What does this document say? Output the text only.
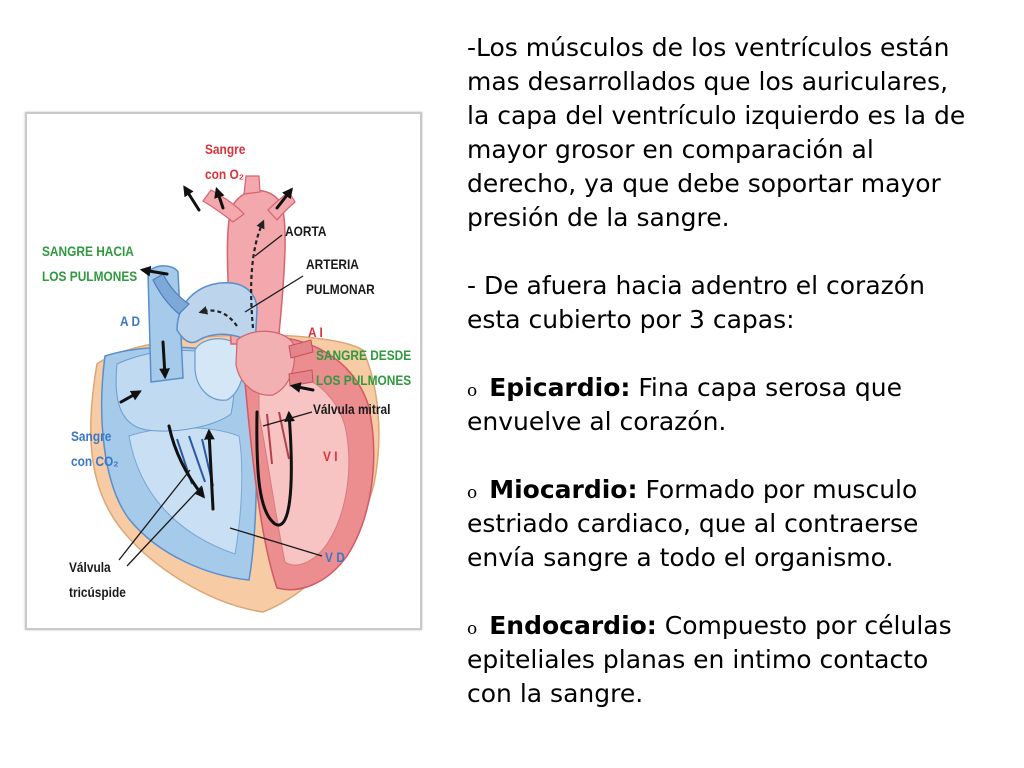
Sangre
con O₂
AORTA
SANGRE HACIA
LOS PULMONES
ARTERIA
PULMONAR
A D
A I
SANGRE DESDE
LOS PULMONES
Válvula mitral
Sangre
con CO₂	V I
V D
Válvula
tricúspide
-Los músculos de los ventrículos están
mas desarrollados que los auriculares,
la capa del ventrículo izquierdo es la de
mayor grosor en comparación al
derecho, ya que debe soportar mayor
presión de la sangre.
- De afuera hacia adentro el corazón
esta cubierto por 3 capas:
o Epicardio: Fina capa serosa que
envuelve al corazón.
o Miocardio: Formado por musculo
estriado cardiaco, que al contraerse
envía sangre a todo el organismo.
o Endocardio: Compuesto por células
epiteliales planas en intimo contacto
con la sangre.
